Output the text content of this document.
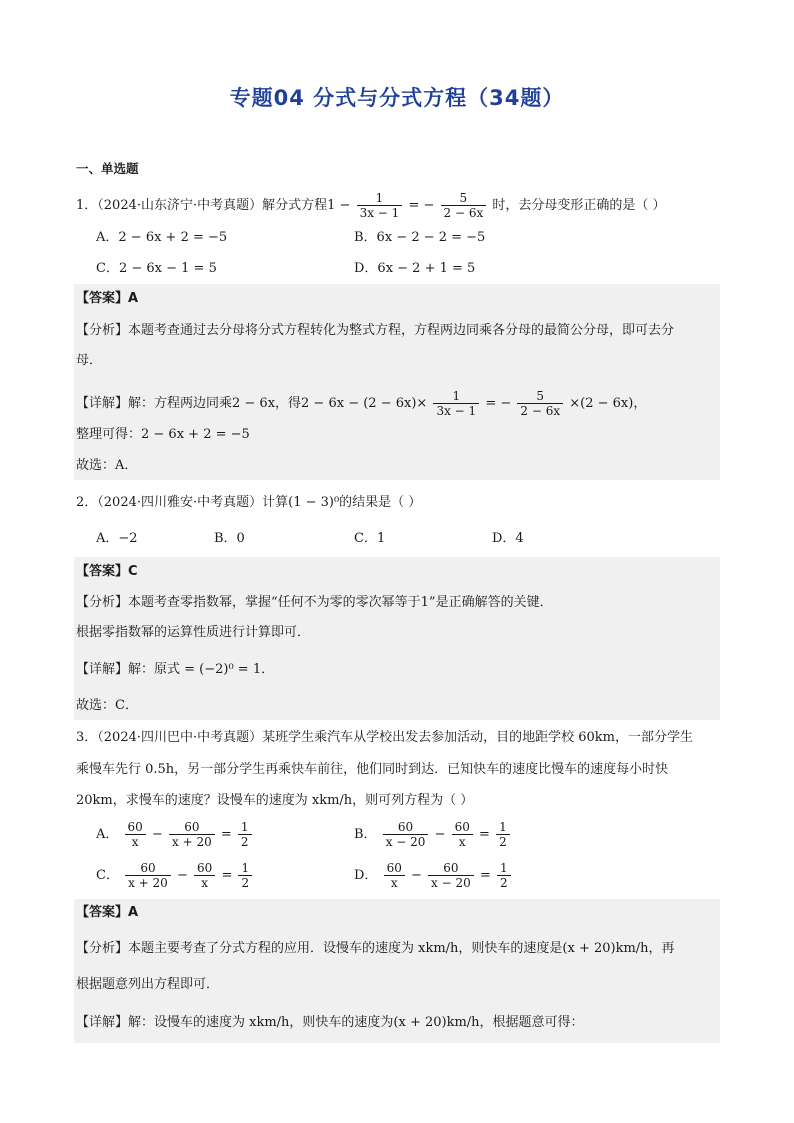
专题04 分式与分式方程（34题）
一、单选题
1．（2024·山东济宁·中考真题）解分式方程$1 - \frac{1}{3x - 1}$ = − $\frac{5}{2 - 6x}$ 时，去分母变形正确的是（ ）
A．2 − 6x + 2 = −5	B．6x − 2 − 2 = −5
C．2 − 6x − 1 = 5	D．6x − 2 + 1 = 5
【答案】A
【分析】本题考查通过去分母将分式方程转化为整式方程，方程两边同乘各分母的最简公分母，即可去分
母．
【详解】解：方程两边同乘2 − 6x，得$2 - 6x - (2 - 6x)\times \frac{1}{3x - 1}$ = − $\frac{5}{2 - 6x} \times(2 - 6x)$，
整理可得：2 − 6x + 2 = −5
故选：A．
2．（2024·四川雅安·中考真题）计算(1 − 3)⁰的结果是（ ）
A．−2	B．0	C．1	D．4
【答案】C
【分析】本题考查零指数幂，掌握“任何不为零的零次幂等于1”是正确解答的关键．
根据零指数幂的运算性质进行计算即可．
【详解】解：原式 = (−2)⁰ = 1．
故选：C．
3．（2024·四川巴中·中考真题）某班学生乘汽车从学校出发去参加活动，目的地距学校 60km，一部分学生
乘慢车先行 0.5h，另一部分学生再乘快车前往，他们同时到达．已知快车的速度比慢车的速度每小时快
20km，求慢车的速度？设慢车的速度为 xkm/h，则可列方程为（ ）
A． $\frac{60}{x} - \frac{60}{x + 20} = \frac{1}{2}$	B． $\frac{60}{x - 20} - \frac{60}{x} = \frac{1}{2}$
C． $\frac{60}{x + 20} - \frac{60}{x} = \frac{1}{2}$	D． $\frac{60}{x} - \frac{60}{x - 20} = \frac{1}{2}$
【答案】A
【分析】本题主要考查了分式方程的应用．设慢车的速度为 xkm/h，则快车的速度是(x + 20)km/h，再
根据题意列出方程即可．
【详解】解：设慢车的速度为 xkm/h，则快车的速度为(x + 20)km/h，根据题意可得：
